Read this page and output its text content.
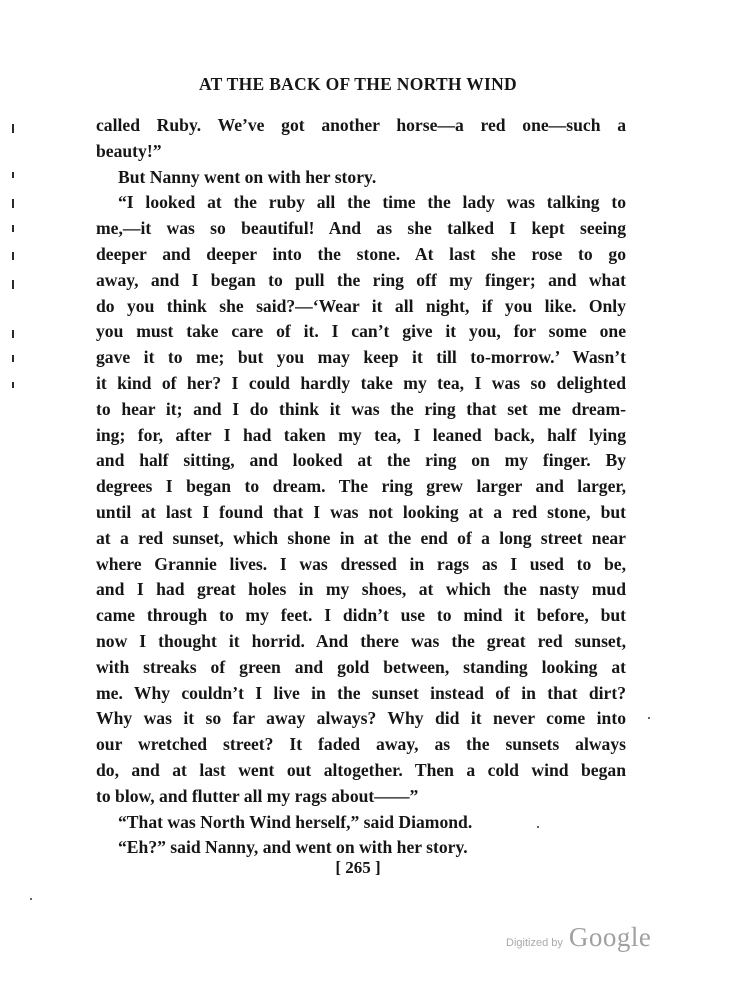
AT THE BACK OF THE NORTH WIND
called Ruby. We’ve got another horse—a red one—such a
beauty!”
But Nanny went on with her story.
“I looked at the ruby all the time the lady was talking to
me,—it was so beautiful! And as she talked I kept seeing
deeper and deeper into the stone. At last she rose to go
away, and I began to pull the ring off my finger; and what
do you think she said?—‘Wear it all night, if you like. Only
you must take care of it. I can’t give it you, for some one
gave it to me; but you may keep it till to-morrow.’ Wasn’t
it kind of her? I could hardly take my tea, I was so delighted
to hear it; and I do think it was the ring that set me dream-
ing; for, after I had taken my tea, I leaned back, half lying
and half sitting, and looked at the ring on my finger. By
degrees I began to dream. The ring grew larger and larger,
until at last I found that I was not looking at a red stone, but
at a red sunset, which shone in at the end of a long street near
where Grannie lives. I was dressed in rags as I used to be,
and I had great holes in my shoes, at which the nasty mud
came through to my feet. I didn’t use to mind it before, but
now I thought it horrid. And there was the great red sunset,
with streaks of green and gold between, standing looking at
me. Why couldn’t I live in the sunset instead of in that dirt?
Why was it so far away always? Why did it never come into
our wretched street? It faded away, as the sunsets always
do, and at last went out altogether. Then a cold wind began
to blow, and flutter all my rags about——”
“That was North Wind herself,” said Diamond.
“Eh?” said Nanny, and went on with her story.
[ 265 ]
Digitized by Google
